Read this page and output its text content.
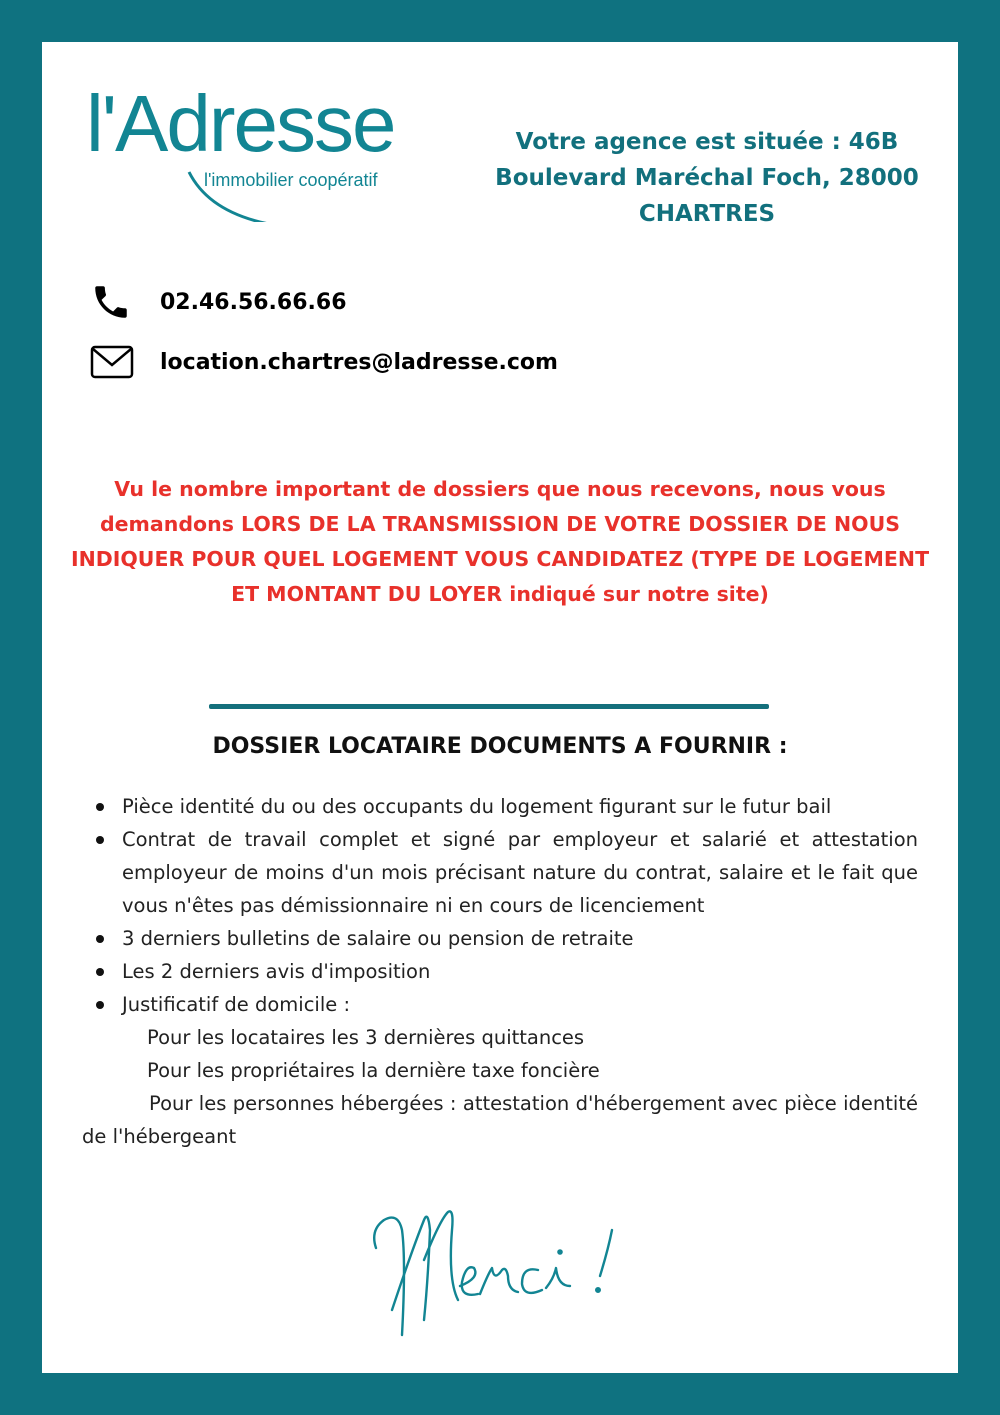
l'Adresse
l'immobilier coopératif
Votre agence est située : 46B Boulevard Maréchal Foch, 28000 CHARTRES
02.46.56.66.66
location.chartres@ladresse.com
Vu le nombre important de dossiers que nous recevons, nous vous demandons LORS DE LA TRANSMISSION DE VOTRE DOSSIER DE NOUS INDIQUER POUR QUEL LOGEMENT VOUS CANDIDATEZ (TYPE DE LOGEMENT ET MONTANT DU LOYER indiqué sur notre site)
DOSSIER LOCATAIRE DOCUMENTS A FOURNIR :
Pièce identité du ou des occupants du logement figurant sur le futur bail
Contrat de travail complet et signé par employeur et salarié et attestation employeur de moins d'un mois précisant nature du contrat, salaire et le fait que vous n'êtes pas démissionnaire ni en cours de licenciement
3 derniers bulletins de salaire ou pension de retraite
Les 2 derniers avis d'imposition
Justificatif de domicile :
Pour les locataires les 3 dernières quittances
Pour les propriétaires la dernière taxe foncière
Pour les personnes hébergées : attestation d'hébergement avec pièce identité de l'hébergeant
